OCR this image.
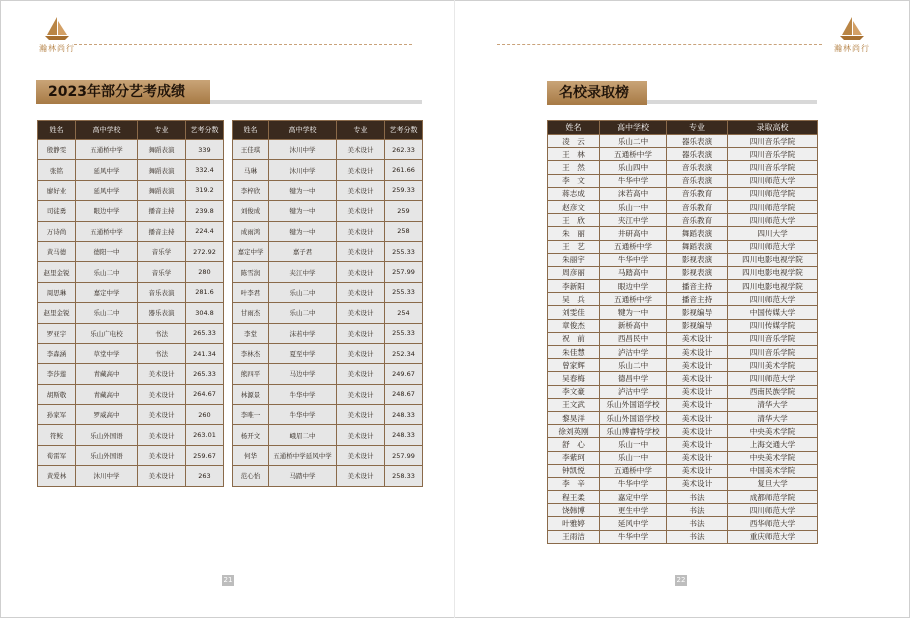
瀚林尚行	瀚林尚行
2023年部分艺考成绩	名校录取榜
姓名	高中学校	专业	艺考分数
殷静雯	五通桥中学	舞蹈表演	339
张铭	延风中学	舞蹈表演	332.4
廖好业	延风中学	舞蹈表演	319.2
司徒勇	眼边中学	播音主持	239.8
万诗尚	五通桥中学	播音主持	224.4
黄马德	德阳一中	音乐学	272.92
赵里金锐	乐山二中	音乐学	280
周思琳	嘉定中学	音乐表演	281.6
赵里金锐	乐山二中	器乐表演	304.8
罗亚宇	乐山广电校	书法	265.33
李森涵	草堂中学	书法	241.34
李莎莲	青藏高中	美术设计	265.33
胡斯敬	青藏高中	美术设计	264.67
孙家军	罗威高中	美术设计	260
符鲛	乐山外国语	美术设计	263.01
荀雷军	乐山外国语	美术设计	259.67
黄爱林	沐川中学	美术设计	263
姓名	高中学校	专业	艺考分数
王佳琪	沐川中学	美术设计	262.33
马琳	沐川中学	美术设计	261.66
李梓欣	犍为一中	美术设计	259.33
刘俊成	犍为一中	美术设计	259
成雨鸿	犍为一中	美术设计	258
嘉定中学	嘉子君	美术设计	255.33
陈雪润	夹江中学	美术设计	257.99
叶李君	乐山二中	美术设计	255.33
甘雨杰	乐山二中	美术设计	254
李堂	沫若中学	美术设计	255.33
李林杰	夏至中学	美术设计	252.34
熊四平	马边中学	美术设计	249.67
林源景	牛华中学	美术设计	248.67
李唯一	牛华中学	美术设计	248.33
杨开文	峨眉二中	美术设计	248.33
何华	五通桥中学延风中学	美术设计	257.99
范心怡	马踏中学	美术设计	258.33
姓名	高中学校	专业	录取高校
凌　云	乐山二中	器乐表演	四川音乐学院
王　林	五通桥中学	器乐表演	四川音乐学院
王　然	乐山四中	音乐表演	四川音乐学院
李　文	牛华中学	音乐表演	四川师范大学
蒋志成	沫若高中	音乐教育	四川师范学院
赵彦文	乐山一中	音乐教育	四川师范学院
王　欣	夹江中学	音乐教育	四川师范大学
朱　丽	井研高中	舞蹈表演	四川大学
王　艺	五通桥中学	舞蹈表演	四川师范大学
朱丽宇	牛华中学	影视表演	四川电影电视学院
周彦丽	马踏高中	影视表演	四川电影电视学院
李新阳	眼边中学	播音主持	四川电影电视学院
吴　兵	五通桥中学	播音主持	四川师范大学
刘雯佳	犍为一中	影视编导	中国传媒大学
章俊杰	新桥高中	影视编导	四川传媒学院
祝　前	西昌民中	美术设计	四川音乐学院
朱佳慧	泸沽中学	美术设计	四川音乐学院
曾家辉	乐山二中	美术设计	四川美术学院
吴春梅	德昌中学	美术设计	四川师范大学
李文豪	泸沽中学	美术设计	西南民族学院
王文武	乐山外国语学校	美术设计	清华大学
黎昊洋	乐山外国语学校	美术设计	清华大学
徐刘英刚	乐山博睿特学校	美术设计	中央美术学院
舒　心	乐山一中	美术设计	上海交通大学
李紫珂	乐山一中	美术设计	中央美术学院
钟凯悦	五通桥中学	美术设计	中国美术学院
李　辛	牛华中学	美术设计	复旦大学
程王柔	嘉定中学	书法	成都师范学院
饶韩博	更生中学	书法	四川师范大学
叶雅婷	延风中学	书法	西华师范大学
王雨洁	牛华中学	书法	重庆师范大学
21	22
